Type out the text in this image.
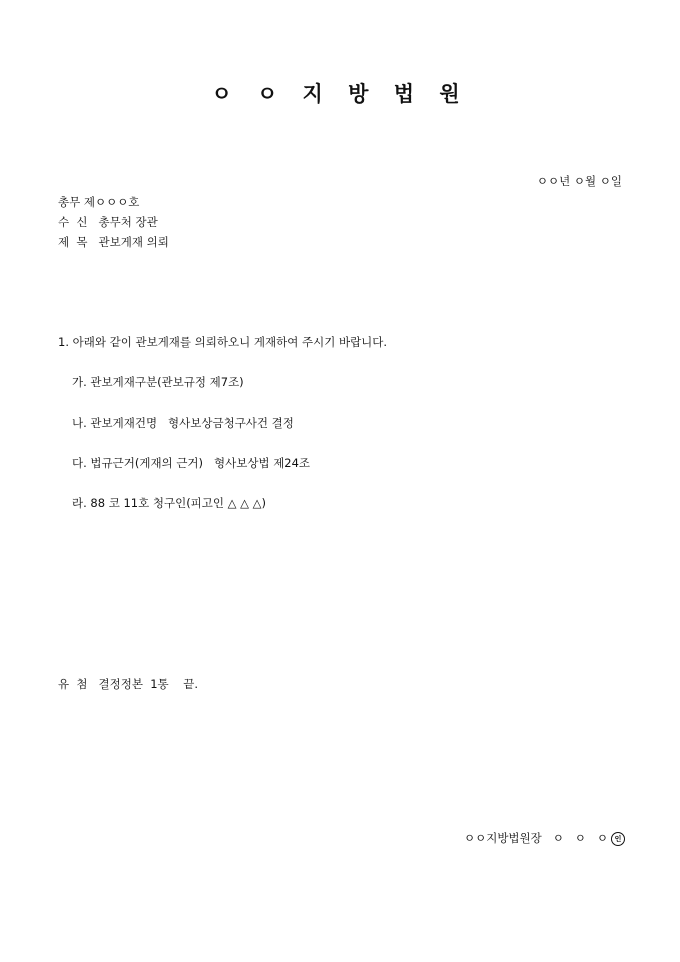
ㅇ ㅇ 지 방 법 원
ㅇㅇ년 ㅇ월 ㅇ일
총무 제ㅇㅇㅇ호
수  신   총무처 장관
제  목   관보게재 의뢰
1. 아래와 같이 관보게재를 의뢰하오니 게재하여 주시기 바랍니다.
가. 관보게재구분(관보규정 제7조)
나. 관보게재건명   형사보상금청구사건 결정
다. 법규근거(게재의 근거)   형사보상법 제24조
라. 88 코 11호 청구인(피고인 △ △ △)
유  첨   결정정본  1통    끝.

ㅇㅇ지방법원장   ㅇ   ㅇ   ㅇ 인
